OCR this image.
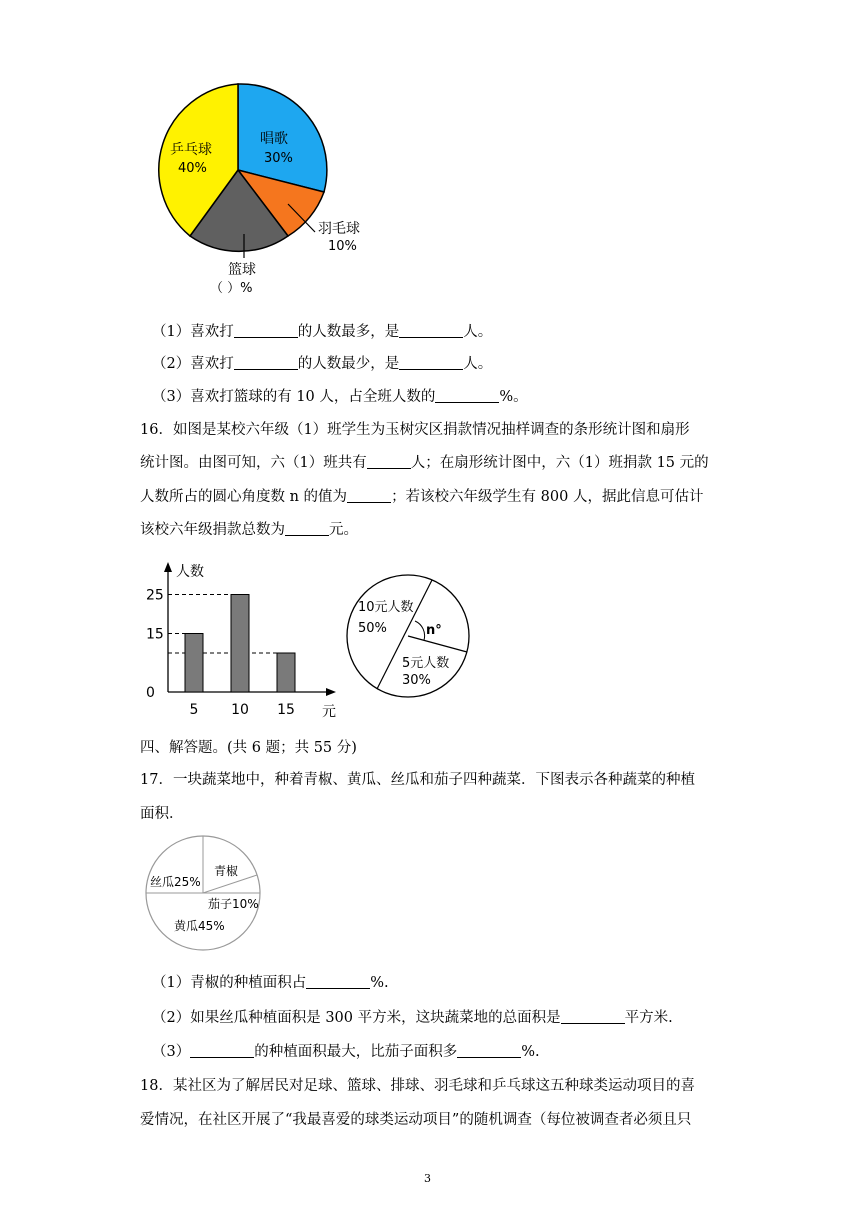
唱歌
30%
乒乓球
40%
羽毛球
10%
篮球
（ ）%
（1）喜欢打	的人数最多，是	人。
（2）喜欢打	的人数最少，是	人。
（3）喜欢打篮球的有 10 人，占全班人数的	%。
16．如图是某校六年级（1）班学生为玉树灾区捐款情况抽样调查的条形统计图和扇形
统计图。由图可知，六（1）班共有	人；在扇形统计图中，六（1）班捐款 15 元的
人数所占的圆心角度数 n 的值为	；若该校六年级学生有 800 人，据此信息可估计
该校六年级捐款总数为	元。
人数
元
0
15
25
5 10 15
10元人数
50%	n°
5元人数
30%
四、解答题。(共 6 题；共 55 分)
17．一块蔬菜地中，种着青椒、黄瓜、丝瓜和茄子四种蔬菜．下图表示各种蔬菜的种植
面积．
青椒
丝瓜25%
茄子10%
黄瓜45%
（1）青椒的种植面积占	%.
（2）如果丝瓜种植面积是 300 平方米，这块蔬菜地的总面积是	平方米.
（3）	的种植面积最大，比茄子面积多	%.
18．某社区为了解居民对足球、篮球、排球、羽毛球和乒乓球这五种球类运动项目的喜
爱情况，在社区开展了“我最喜爱的球类运动项目”的随机调查（每位被调查者必须且只
3
